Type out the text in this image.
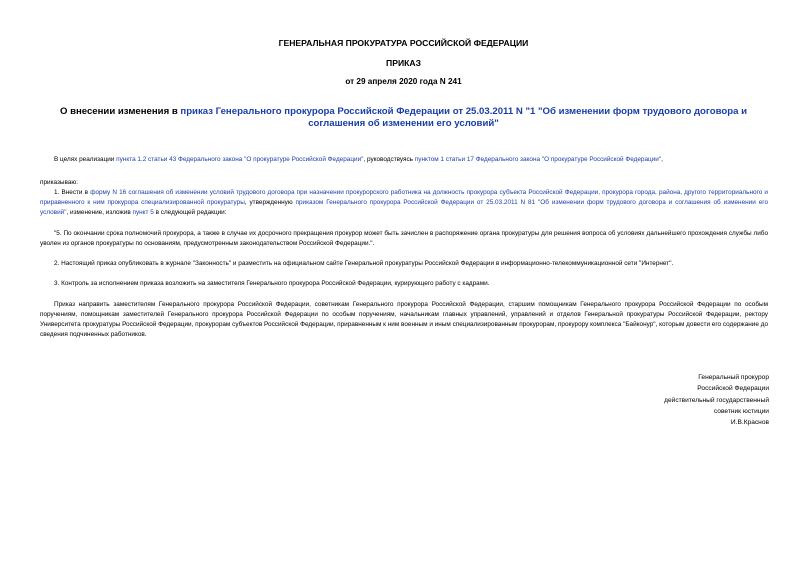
ГЕНЕРАЛЬНАЯ ПРОКУРАТУРА РОССИЙСКОЙ ФЕДЕРАЦИИ
ПРИКАЗ
от 29 апреля 2020 года N 241
О внесении изменения в приказ Генерального прокурора Российской Федерации от 25.03.2011 N "1 "Об изменении форм трудового договора и соглашения об изменении его условий"
В целях реализации пункта 1.2 статьи 43 Федерального закона "О прокуратуре Российской Федерации", руководствуясь пунктом 1 статьи 17 Федерального закона "О прокуратуре Российской Федерации",
приказываю:
1. Внести в форму N 16 соглашения об изменении условий трудового договора при назначении прокурорского работника на должность прокурора субъекта Российской Федерации, прокурора города, района, другого территориального и приравненного к ним прокурора специализированной прокуратуры, утвержденную приказом Генерального прокурора Российской Федерации от 25.03.2011 N 81 "Об изменении форм трудового договора и соглашения об изменении его условий", изменение, изложив пункт 5 в следующей редакции:
"5. По окончании срока полномочий прокурора, а также в случае их досрочного прекращения прокурор может быть зачислен в распоряжение органа прокуратуры для решения вопроса об условиях дальнейшего прохождения службы либо уволен из органов прокуратуры по основаниям, предусмотренным законодательством Российской Федерации.".
2. Настоящий приказ опубликовать в журнале "Законность" и разместить на официальном сайте Генеральной прокуратуры Российской Федерации в информационно-телекоммуникационной сети "Интернет".
3. Контроль за исполнением приказа возложить на заместителя Генерального прокурора Российской Федерации, курирующего работу с кадрами.
Приказ направить заместителям Генерального прокурора Российской Федерации, советникам Генерального прокурора Российской Федерации, старшим помощникам Генерального прокурора Российской Федерации по особым поручениям, помощникам заместителей Генерального прокурора Российской Федерации по особым поручениям, начальникам главных управлений, управлений и отделов Генеральной прокуратуры Российской Федерации, ректору Университета прокуратуры Российской Федерации, прокурорам субъектов Российской Федерации, приравненным к ним военным и иным специализированным прокурорам, прокурору комплекса "Байконур", которым довести его содержание до сведения подчиненных работников.
Генеральный прокурор
Российской Федерации
действительный государственный
советник юстиции
И.В.Краснов
